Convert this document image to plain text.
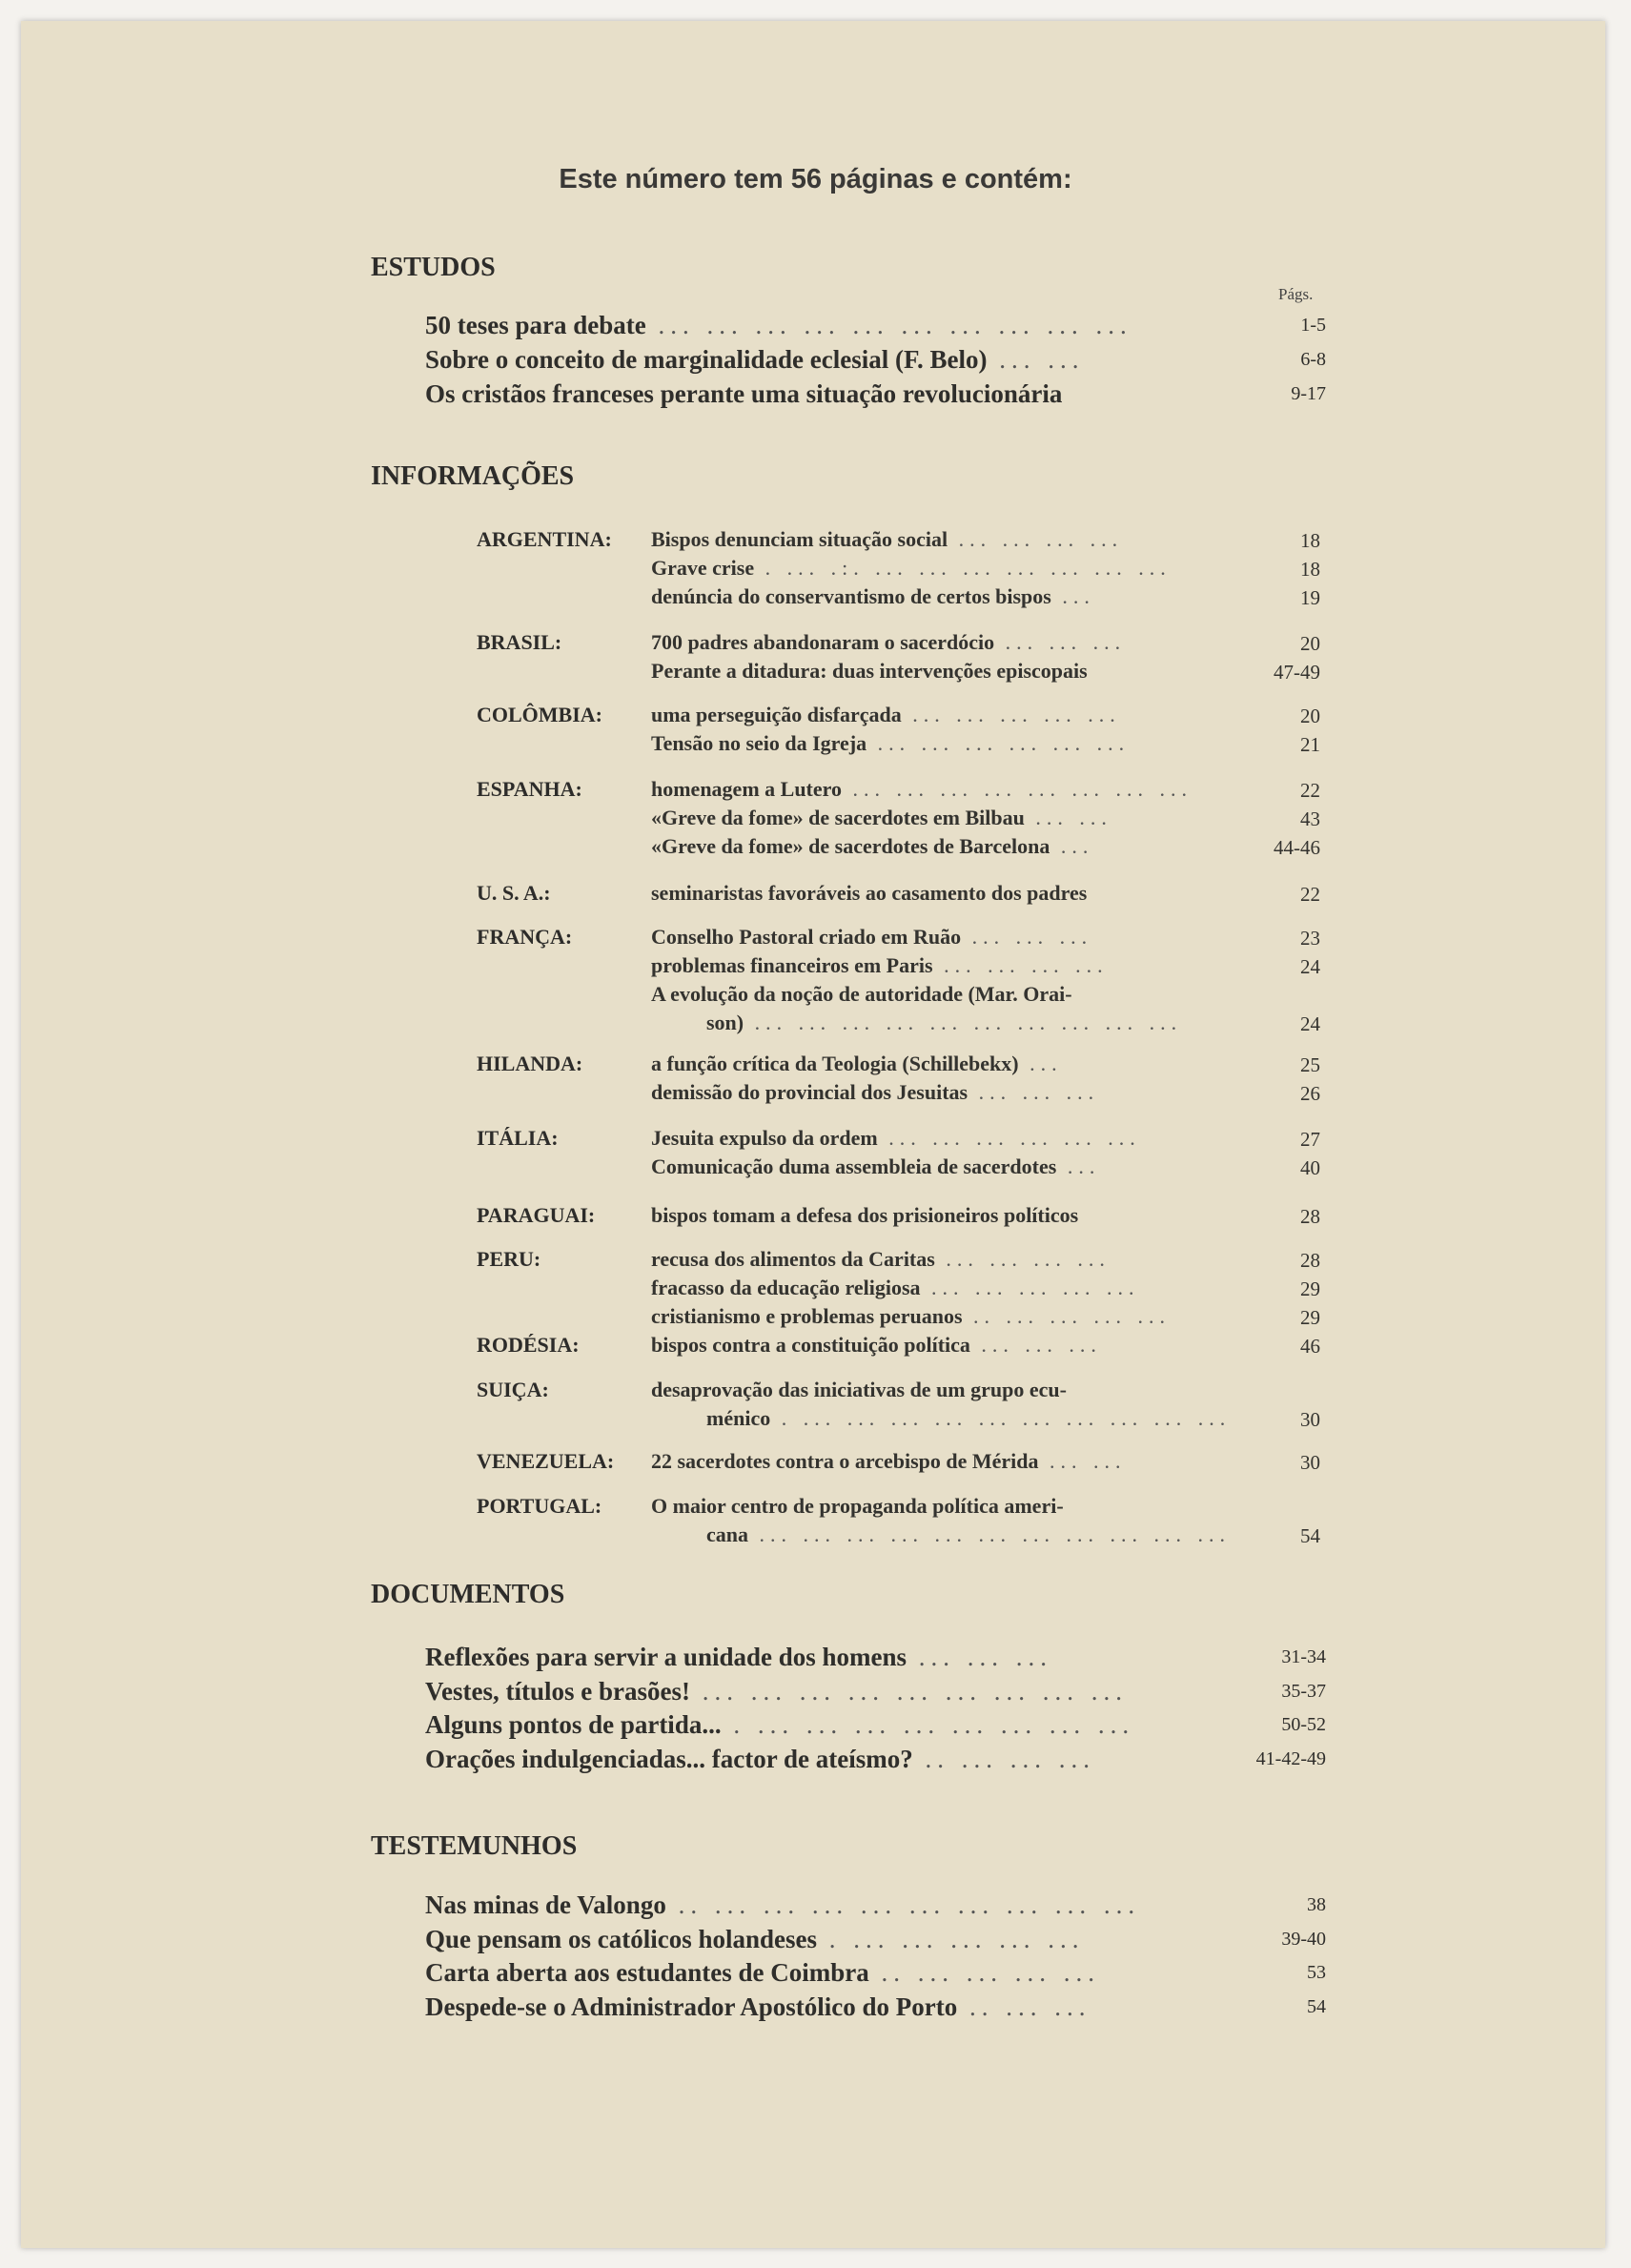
Este número tem 56 páginas e contém:
ESTUDOS
Págs.
50 teses para debate ... ... ... ... ... ... ... ... ... ...	1-5
Sobre o conceito de marginalidade eclesial (F. Belo) ... ...	6-8
Os cristãos franceses perante uma situação revolucionária	9-17
INFORMAÇÕES
ARGENTINA: Bispos denunciam situação social ... ... ... ...	18
Grave crise . ... .:. ... ... ... ... ... ... ...	18
denúncia do conservantismo de certos bispos ...	19
BRASIL:	700 padres abandonaram o sacerdócio ... ... ...	20
Perante a ditadura: duas intervenções episcopais	47-49
COLÔMBIA: uma perseguição disfarçada ... ... ... ... ...	20
Tensão no seio da Igreja ... ... ... ... ... ...	21
ESPANHA:	homenagem a Lutero ... ... ... ... ... ... ... ...	22
«Greve da fome» de sacerdotes em Bilbau ... ...	43
«Greve da fome» de sacerdotes de Barcelona ...	44-46
U. S. A.:	seminaristas favoráveis ao casamento dos padres	22
FRANÇA:	Conselho Pastoral criado em Ruão ... ... ...	23
problemas financeiros em Paris ... ... ... ...	24
A evolução da noção de autoridade (Mar. Orai-
son) ... ... ... ... ... ... ... ... ... ...	24
HILANDA:	a função crítica da Teologia (Schillebekx) ...	25
demissão do provincial dos Jesuitas ... ... ...	26
ITÁLIA:	Jesuita expulso da ordem ... ... ... ... ... ...	27
Comunicação duma assembleia de sacerdotes ...	40
PARAGUAI:	bispos tomam a defesa dos prisioneiros políticos	28
PERU:	recusa dos alimentos da Caritas ... ... ... ...	28
fracasso da educação religiosa ... ... ... ... ...	29
cristianismo e problemas peruanos .. ... ... ... ...	29
RODÉSIA:	bispos contra a constituição política ... ... ...	46
SUIÇA:	desaprovação das iniciativas de um grupo ecu-
ménico . ... ... ... ... ... ... ... ... ... ...	30
VENEZUELA: 22 sacerdotes contra o arcebispo de Mérida ... ...	30
PORTUGAL: O maior centro de propaganda política ameri-
cana ... ... ... ... ... ... ... ... ... ... ...	54
DOCUMENTOS
Reflexões para servir a unidade dos homens ... ... ...	31-34
Vestes, títulos e brasões! ... ... ... ... ... ... ... ... ...	35-37
Alguns pontos de partida... . ... ... ... ... ... ... ... ...	50-52
Orações indulgenciadas... factor de ateísmo? .. ... ... ...	41-42-49
TESTEMUNHOS
Nas minas de Valongo .. ... ... ... ... ... ... ... ... ...	38
Que pensam os católicos holandeses . ... ... ... ... ...	39-40
Carta aberta aos estudantes de Coimbra .. ... ... ... ...	53
Despede-se o Administrador Apostólico do Porto .. ... ...	54
